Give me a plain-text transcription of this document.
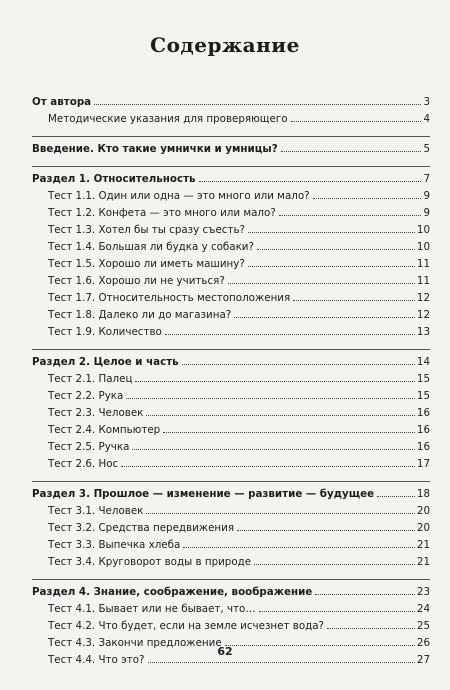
Содержание
От автора	3
Методические указания для проверяющего	4
Введение. Кто такие умнички и умницы?	5
Раздел 1. Относительность	7
Тест 1.1. Один или одна — это много или мало?	9
Тест 1.2. Конфета — это много или мало?	9
Тест 1.3. Хотел бы ты сразу съесть?	10
Тест 1.4. Большая ли будка у собаки?	10
Тест 1.5. Хорошо ли иметь машину?	11
Тест 1.6. Хорошо ли не учиться?	11
Тест 1.7. Относительность местоположения	12
Тест 1.8. Далеко ли до магазина?	12
Тест 1.9. Количество	13
Раздел 2. Целое и часть	14
Тест 2.1. Палец	15
Тест 2.2. Рука	15
Тест 2.3. Человек	16
Тест 2.4. Компьютер	16
Тест 2.5. Ручка	16
Тест 2.6. Нос	17
Раздел 3. Прошлое — изменение — развитие — будущее	18
Тест 3.1. Человек	20
Тест 3.2. Средства передвижения	20
Тест 3.3. Выпечка хлеба	21
Тест 3.4. Круговорот воды в природе	21
Раздел 4. Знание, соображение, воображение	23
Тест 4.1. Бывает или не бывает, что…	24
Тест 4.2. Что будет, если на земле исчезнет вода?	25
Тест 4.3. Закончи предложение	26
Тест 4.4. Что это?	27
62
